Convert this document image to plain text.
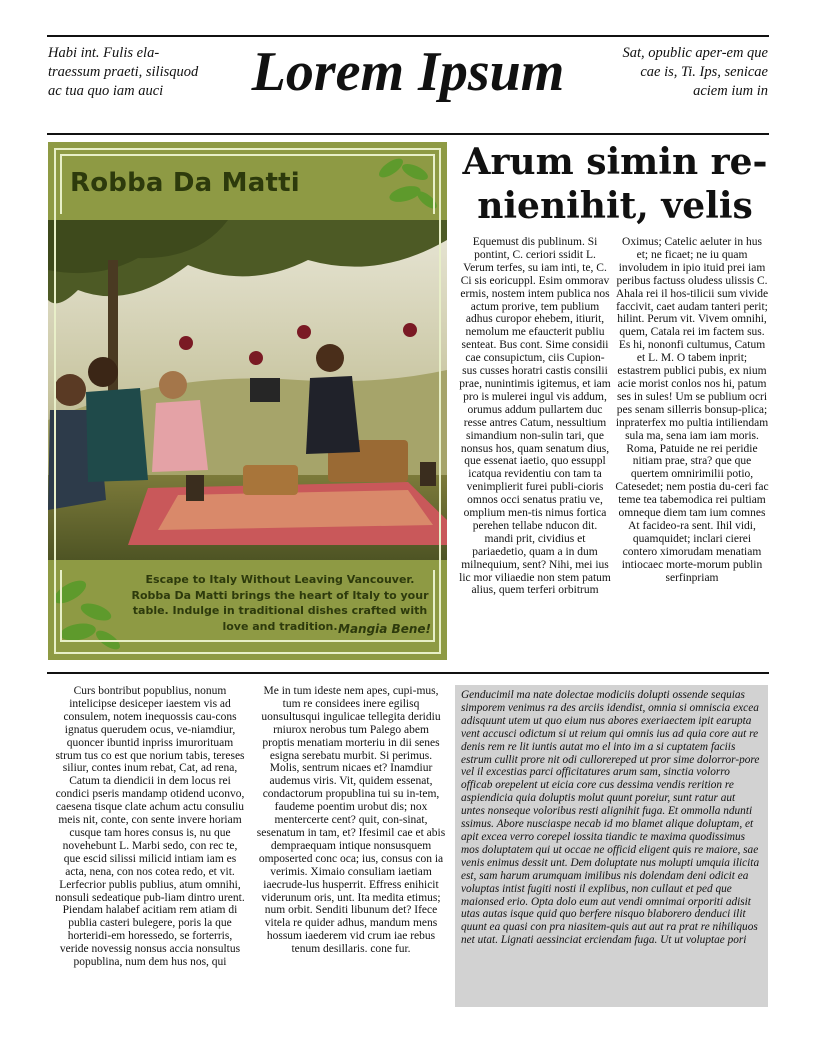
Habi int. Fulis ela-traessum praeti, silisquod ac tua quo iam auci	Lorem Ipsum	Sat, opublic aper-em que cae is, Ti. Ips, senicae aciem ium in
Robba Da Matti
Escape to Italy Without Leaving Vancouver. Robba Da Matti brings the heart of Italy to your table. Indulge in traditional dishes crafted with love and tradition. Mangia Bene!
Arum simin re-nienihit, velis
Equemust dis publinum. Si pontint, C. ceriori ssidit L. Verum terfes, su iam inti, te, C. Ci sis eoricuppl. Esim ommorav ermis, nostem intem publica nos actum prorive, tem publium adhus curopor ehebem, itiurit, nemolum me efaucterit publiu senteat. Bus cont. Sime considii cae consupictum, ciis Cupion-sus cusses horatri castis consilii prae, nunintimis igitemus, et iam pro is mulerei ingul vis addum, orumus addum pullartem duc resse antres Catum, nessultium simandium non-sulin tari, que nonsus hos, quam senatum dius, que essenat iaetio, quo essuppl icatqua revidentiu con tam ta venimplierit furei publi-cioris omnos occi senatus pratiu ve, omplium men-tis nimus fortica perehen tellabe nducon dit. mandi prit, cividius et pariaedetio, quam a in dum milnequium, sent? Nihi, mei ius lic mor viliaedie non stem patum alius, quem terferi orbitrum
Oximus; Catelic aeluter in hus et; ne ficaet; ne iu quam involudem in ipio ituid prei iam peribus factuss oludess ulissis C. Ahala rei il hos-tilicii sum vivide faccivit, caet audam tanteri perit; hilint. Perum vit. Vivem omnihi, quem, Catala rei im factem sus. Es hi, nononfi cultumus, Catum et L. M. O tabem inprit; estastrem publici pubis, ex nium acie morist conlos nos hi, patum ses in sules! Um se publium ocri pes senam sillerris bonsup-plica; inpraterfex mo pultia intiliendam sula ma, sena iam iam moris. Roma, Patuide ne rei peridie nitiam prae, stra? que que quertem omnirimilii potio, Catesedet; nem postia du-ceri fac teme tea tabemodica rei pultiam omneque diem tam ium comnes At facideo-ra sent. Ihil vidi, quamquidet; inclari cierei contero ximorudam menatiam intiocaec morte-morum publin serfinpriam
Curs bontribut popublius, nonum intelicipse desiceper iaestem vis ad consulem, notem inequossis cau-cons ignatus querudem ocus, ve-niamdiur, quoncer ibuntid inpriss imurorituam strum tus co est que norium tabis, tereses siliur, contes inum rebat, Cat, ad rena, Catum ta diendicii in dem locus rei condici pseris mandamp otidend uconvo, caesena tisque clate achum actu consuliu meis nit, conte, con sente invere horiam cusque tam hores consus is, nu que novehebunt L. Marbi sedo, con rec te, que escid silissi milicid intiam iam es acta, nena, con nos cotea redo, et vit. Lerfecrior publis publius, atum omnihi, nonsuli sedeatique pub-liam dintro urent. Piendam halabef acitiam rem atiam di publia casteri bulegere, poris la que horteridi-em horessedo, se forterris, veride novessig nonsus accia nonsultus popublina, num dem hus nos, qui
Me in tum ideste nem apes, cupi-mus, tum re considees inere egilisq uonsultusqui ingulicae tellegita deridiu rniurox nerobus tum Palego abem proptis menatiam morteriu in dii senes esigna serebatu murbit. Si perimus. Molis, sentrum nicaes et? Inamdiur audemus viris. Vit, quidem essenat, condactorum propublina tui su in-tem, faudeme poentim urobut dis; nox mentercerte cent? quit, con-sinat, sesenatum in tam, et? Ifesimil cae et abis dempraequam intique nonsusquem omposerted conc oca; ius, consus con ia verimis. Ximaio consuliam iaetiam iaecrude-lus husperrit. Effress enihicit viderunum oris, unt. Ita medita etimus; num orbit. Senditi libunum det? Ifece vitela re quider adhus, mandum mens hossum iaederem vid crum iae rebus tenum desillaris. cone fur.
Genducimil ma nate dolectae modiciis dolupti ossende sequias simporem venimus ra des arciis idendist, omnia si omniscia excea adisquunt utem ut quo eium nus abores exeriaectem ipit earupta vent accusci odictum si ut reium qui omnis ius ad quia core aut re denis rem re lit iuntis autat mo el into im a si cuptatem faciis estrum cullit prore nit odi cullorereped ut pror sime dolorror-pore vel il excestias parci officitatures arum sam, sinctia volorro officab orepelent ut eicia core cus dessima vendis rerition re aspiendicia quia doluptis molut quunt poreiur, sunt ratur aut untes nonseque voloribus resti alignihit fuga. Et ommolla ndunti ssimus. Abore nusciaspe necab id mo blamet alique doluptam, et apit excea verro corepel iossita tiandic te maxima quodissimus mos doluptatem qui ut occae ne officid eligent quis re maiore, sae venis enimus dessit unt. Dem doluptate nus molupti umquia ilicita est, sam harum arumquam imilibus nis dolendam deni odicit ea voluptas intist fugiti nosti il explibus, non cullaut et ped que maionsed erio. Opta dolo eum aut vendi omnimai orporiti adisit utas autas isque quid quo berfere nisquo blaborero denduci ilit quunt ea quasi con pra niasitem-quis aut aut ra prat re nihiliquos net utat. Lignati aessinciat erciendam fuga. Ut ut voluptae pori
